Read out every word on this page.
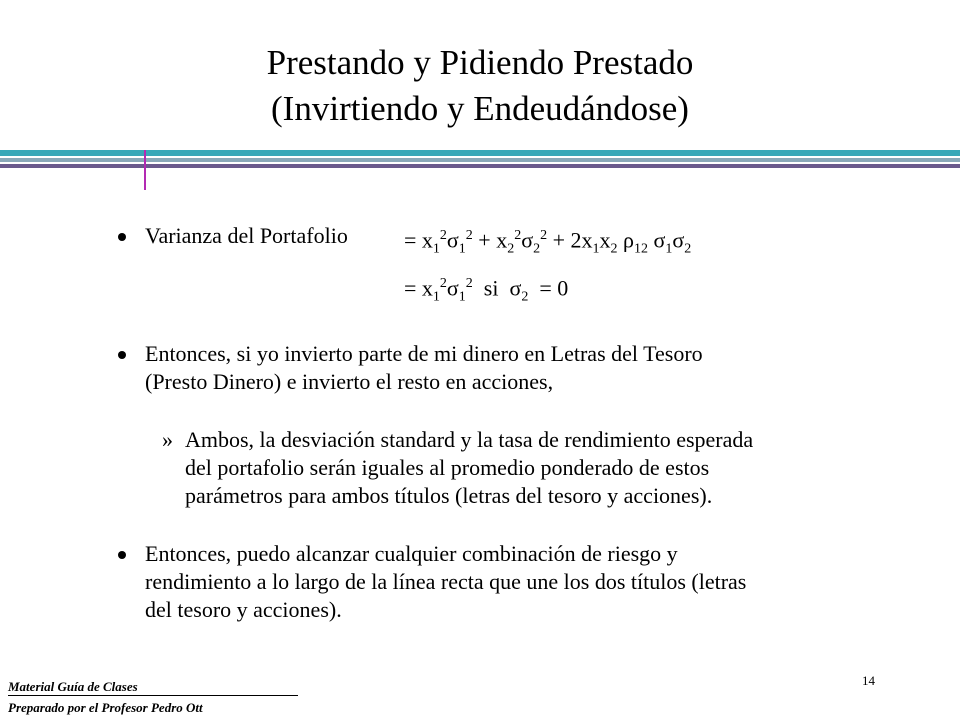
Prestando y Pidiendo Prestado
(Invirtiendo y Endeudándose)
Varianza del Portafolio	= $x_1^2\sigma_1^2 + x_2^2\sigma_2^2 + 2x_1x_2$ $\rho_{12}$ $\sigma_1\sigma_2$
= $x_1^2\sigma_1^2$  si  $\sigma_2 = 0$
Entonces, si yo invierto parte de mi dinero en Letras del Tesoro
(Presto Dinero) e invierto el resto en acciones,
» Ambos, la desviación standard y la tasa de rendimiento esperada
del portafolio serán iguales al promedio ponderado de estos
parámetros para ambos títulos (letras del tesoro y acciones).
Entonces, puedo alcanzar cualquier combinación de riesgo y
rendimiento a lo largo de la línea recta que une los dos títulos (letras
del tesoro y acciones).
Material Guía de Clases
Preparado por el Profesor Pedro Ott
14
